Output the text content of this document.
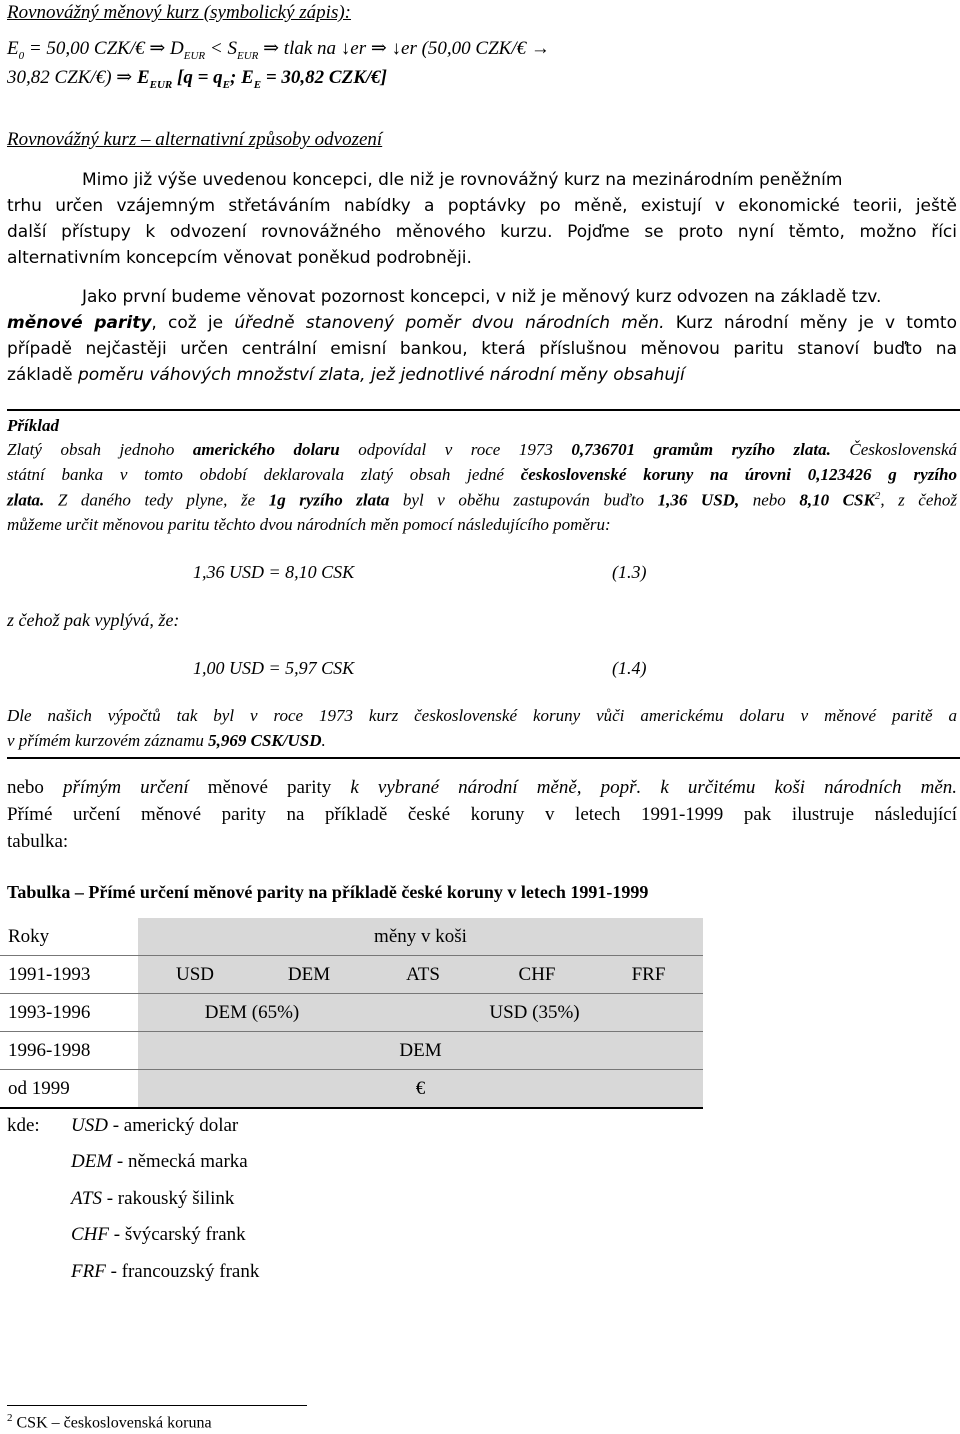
Rovnovážný měnový kurz (symbolický zápis):

$E_0 = 50,00$ CZK/€ ⇒ $D_{EUR} < S_{EUR}$ ⇒ tlak na ↓er ⇒ ↓er (50,00 CZK/€ →

30,82 CZK/€) ⇒ $E_{EUR}$ [$q = q_E$; $E_E = 30,82$ CZK/€]

Rovnovážný kurz – alternativní způsoby odvození

Mimo již výše uvedenou koncepci, dle niž je rovnovážný kurz na mezinárodním peněžním

trhu určen vzájemným střetáváním nabídky a poptávky po měně, existují v ekonomické teorii, ještě

další přístupy k odvození rovnovážného měnového kurzu. Pojďme se proto nyní těmto, možno říci

alternativním koncepcím věnovat poněkud podrobněji.

Jako první budeme věnovat pozornost koncepci, v niž je měnový kurz odvozen na základě tzv.

měnové parity, což je úředně stanovený poměr dvou národních měn. Kurz národní měny je v tomto

případě nejčastěji určen centrální emisní bankou, která příslušnou měnovou paritu stanoví buďto na

základě poměru váhových množství zlata, jež jednotlivé národní měny obsahují

Příklad

Zlatý obsah jednoho amerického dolaru odpovídal v roce 1973 0,736701 gramům ryzího zlata. Československá

státní banka v tomto období deklarovala zlatý obsah jedné československé koruny na úrovni 0,123426 g ryzího

zlata. Z daného tedy plyne, že 1g ryzího zlata byl v oběhu zastupován buďto 1,36 USD, nebo 8,10 CSK$^2$, z čehož

můžeme určit měnovou paritu těchto dvou národních měn pomocí následujícího poměru:

1,36 USD = 8,10 CSK	(1.3)

z čehož pak vyplývá, že:

1,00 USD = 5,97 CSK	(1.4)

Dle našich výpočtů tak byl v roce 1973 kurz československé koruny vůči americkému dolaru v měnové paritě a

v přímém kurzovém záznamu 5,969 CSK/USD.

nebo přímým určení měnové parity k vybrané národní měně, popř. k určitému koši národních měn.

Přímé určení měnové parity na příkladě české koruny v letech 1991-1999 pak ilustruje následující

tabulka:

Tabulka – Přímé určení měnové parity na příkladě české koruny v letech 1991-1999

Roky	měny v koši				
1991-1993	USD	DEM	ATS	CHF	FRF
1993-1996	DEM (65%)		USD (35%)		
1996-1998	DEM				
od 1999	€				

kde: USD - americký dolar

DEM - německá marka

ATS - rakouský šilink

CHF - švýcarský frank

FRF - francouzský frank

$^2$ CSK – československá koruna
